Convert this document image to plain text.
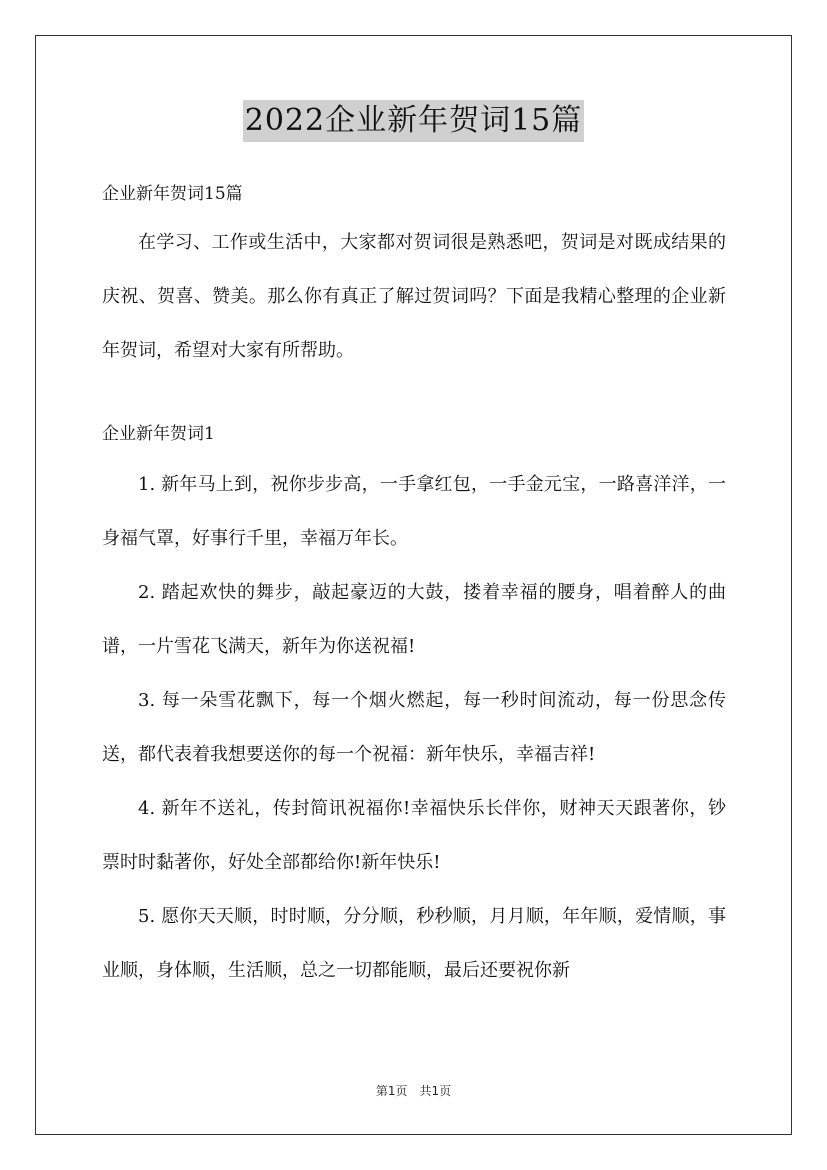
2022企业新年贺词15篇

企业新年贺词15篇

在学习、工作或生活中，大家都对贺词很是熟悉吧，贺词是对既成结果的庆祝、贺喜、赞美。那么你有真正了解过贺词吗？下面是我精心整理的企业新年贺词，希望对大家有所帮助。

企业新年贺词1

1. 新年马上到，祝你步步高，一手拿红包，一手金元宝，一路喜洋洋，一身福气罩，好事行千里，幸福万年长。

2. 踏起欢快的舞步，敲起豪迈的大鼓，搂着幸福的腰身，唱着醉人的曲谱，一片雪花飞满天，新年为你送祝福!

3. 每一朵雪花飘下，每一个烟火燃起，每一秒时间流动，每一份思念传送，都代表着我想要送你的每一个祝福：新年快乐，幸福吉祥!

4. 新年不送礼，传封简讯祝福你!幸福快乐长伴你，财神天天跟著你，钞票时时黏著你，好处全部都给你!新年快乐!

5. 愿你天天顺，时时顺，分分顺，秒秒顺，月月顺，年年顺，爱情顺，事业顺，身体顺，生活顺，总之一切都能顺，最后还要祝你新

第1页 共1页
